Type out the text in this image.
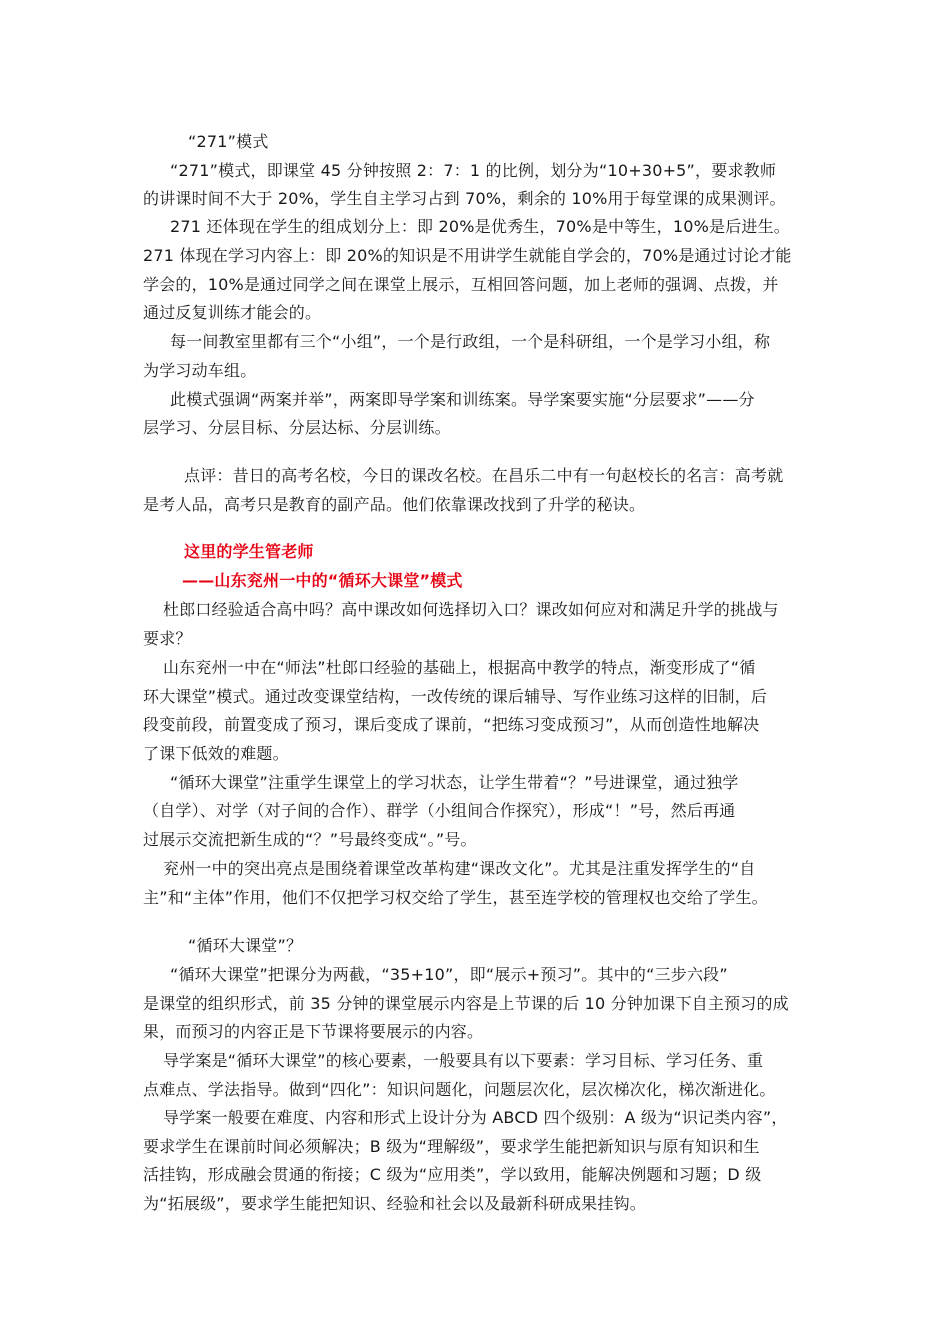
“271”模式
“271”模式，即课堂 45 分钟按照 2：7：1 的比例，划分为“10+30+5”，要求教师
的讲课时间不大于 20%，学生自主学习占到 70%，剩余的 10%用于每堂课的成果测评。
271 还体现在学生的组成划分上：即 20%是优秀生，70%是中等生，10%是后进生。
271 体现在学习内容上：即 20%的知识是不用讲学生就能自学会的，70%是通过讨论才能
学会的，10%是通过同学之间在课堂上展示，互相回答问题，加上老师的强调、点拨，并
通过反复训练才能会的。
每一间教室里都有三个“小组”，一个是行政组，一个是科研组，一个是学习小组，称
为学习动车组。
此模式强调“两案并举”，两案即导学案和训练案。导学案要实施“分层要求”——分
层学习、分层目标、分层达标、分层训练。
点评：昔日的高考名校，今日的课改名校。在昌乐二中有一句赵校长的名言：高考就
是考人品，高考只是教育的副产品。他们依靠课改找到了升学的秘诀。
这里的学生管老师
——山东兖州一中的“循环大课堂”模式
杜郎口经验适合高中吗？高中课改如何选择切入口？课改如何应对和满足升学的挑战与
要求？
山东兖州一中在“师法”杜郎口经验的基础上，根据高中教学的特点，渐变形成了“循
环大课堂”模式。通过改变课堂结构，一改传统的课后辅导、写作业练习这样的旧制，后
段变前段，前置变成了预习，课后变成了课前，“把练习变成预习”，从而创造性地解决
了课下低效的难题。
“循环大课堂”注重学生课堂上的学习状态，让学生带着“？”号进课堂，通过独学
（自学）、对学（对子间的合作）、群学（小组间合作探究），形成“！”号，然后再通
过展示交流把新生成的“？”号最终变成“。”号。
兖州一中的突出亮点是围绕着课堂改革构建“课改文化”。尤其是注重发挥学生的“自
主”和“主体”作用，他们不仅把学习权交给了学生，甚至连学校的管理权也交给了学生。
“循环大课堂”？
“循环大课堂”把课分为两截，“35+10”，即“展示+预习”。其中的“三步六段”
是课堂的组织形式，前 35 分钟的课堂展示内容是上节课的后 10 分钟加课下自主预习的成
果，而预习的内容正是下节课将要展示的内容。
导学案是“循环大课堂”的核心要素，一般要具有以下要素：学习目标、学习任务、重
点难点、学法指导。做到“四化”：知识问题化，问题层次化，层次梯次化，梯次渐进化。
导学案一般要在难度、内容和形式上设计分为 ABCD 四个级别：A 级为“识记类内容”，
要求学生在课前时间必须解决；B 级为“理解级”，要求学生能把新知识与原有知识和生
活挂钩，形成融会贯通的衔接；C 级为“应用类”，学以致用，能解决例题和习题；D 级
为“拓展级”，要求学生能把知识、经验和社会以及最新科研成果挂钩。
